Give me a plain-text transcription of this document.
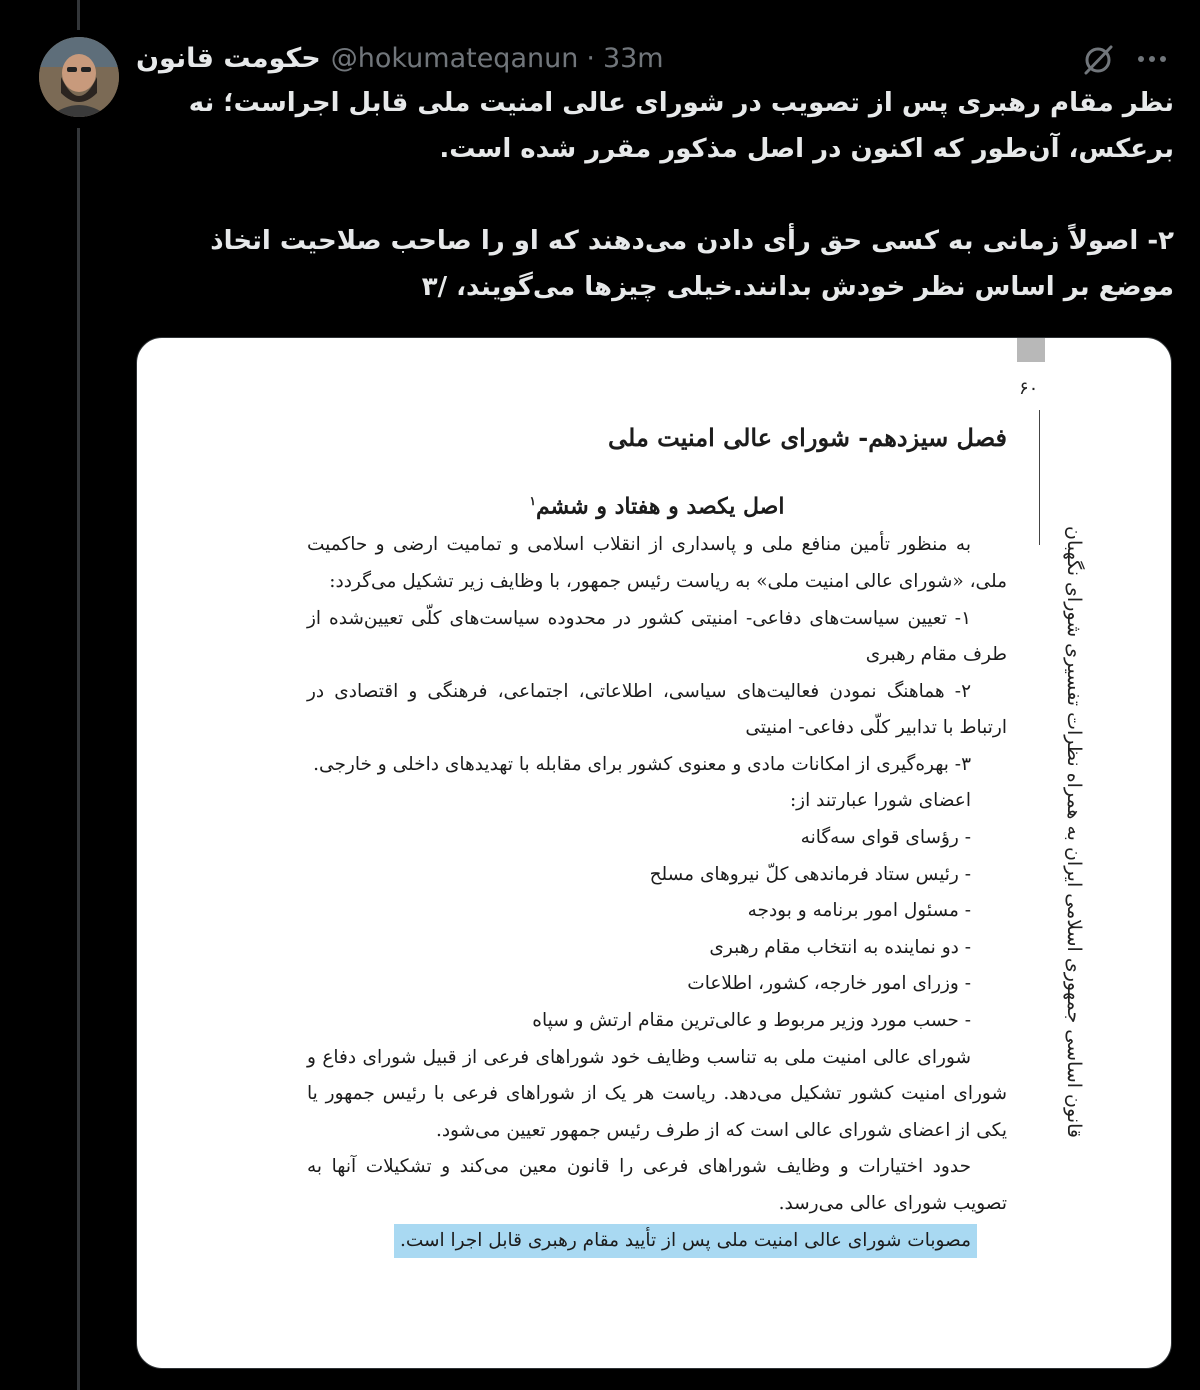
حکومت قانون @hokumateqanun · 33m

نظر مقام رهبری پس از تصویب در شورای عالی امنیت ملی قابل اجراست؛ نه برعکس، آن‌طور که اکنون در اصل مذکور مقرر شده است.

۲- اصولاً زمانی به کسی حق رأی دادن می‌دهند که او را صاحب صلاحیت اتخاذ موضع بر اساس نظر خودش بدانند.خیلی چیزها می‌گویند، /۳

۶۰
قانون اساسی جمهوری اسلامی ایران به همراه نظرات تفسیری شورای نگهبان
فصل سیزدهم- شورای عالی امنیت ملی
اصل یکصد و هفتاد و ششم$^۱$

به منظور تأمین منافع ملی و پاسداری از انقلاب اسلامی و تمامیت ارضی و حاکمیت ملی، «شورای عالی امنیت ملی» به ریاست رئیس جمهور، با وظایف زیر تشکیل می‌گردد:

۱- تعیین سیاست‌های دفاعی- امنیتی کشور در محدوده سیاست‌های کلّی تعیین‌شده از طرف مقام رهبری

۲- هماهنگ نمودن فعالیت‌های سیاسی، اطلاعاتی، اجتماعی، فرهنگی و اقتصادی در ارتباط با تدابیر کلّی دفاعی- امنیتی

۳- بهره‌گیری از امکانات مادی و معنوی کشور برای مقابله با تهدیدهای داخلی و خارجی.

اعضای شورا عبارتند از:

- رؤسای قوای سه‌گانه

- رئیس ستاد فرماندهی کلّ نیروهای مسلح

- مسئول امور برنامه و بودجه

- دو نماینده به انتخاب مقام رهبری

- وزرای امور خارجه، کشور، اطلاعات

- حسب مورد وزیر مربوط و عالی‌ترین مقام ارتش و سپاه

شورای عالی امنیت ملی به تناسب وظایف خود شوراهای فرعی از قبیل شورای دفاع و شورای امنیت کشور تشکیل می‌دهد. ریاست هر یک از شوراهای فرعی با رئیس جمهور یا یکی از اعضای شورای عالی است که از طرف رئیس جمهور تعیین می‌شود.

حدود اختیارات و وظایف شوراهای فرعی را قانون معین می‌کند و تشکیلات آنها به تصویب شورای عالی می‌رسد.

مصوبات شورای عالی امنیت ملی پس از تأیید مقام رهبری قابل اجرا است.
